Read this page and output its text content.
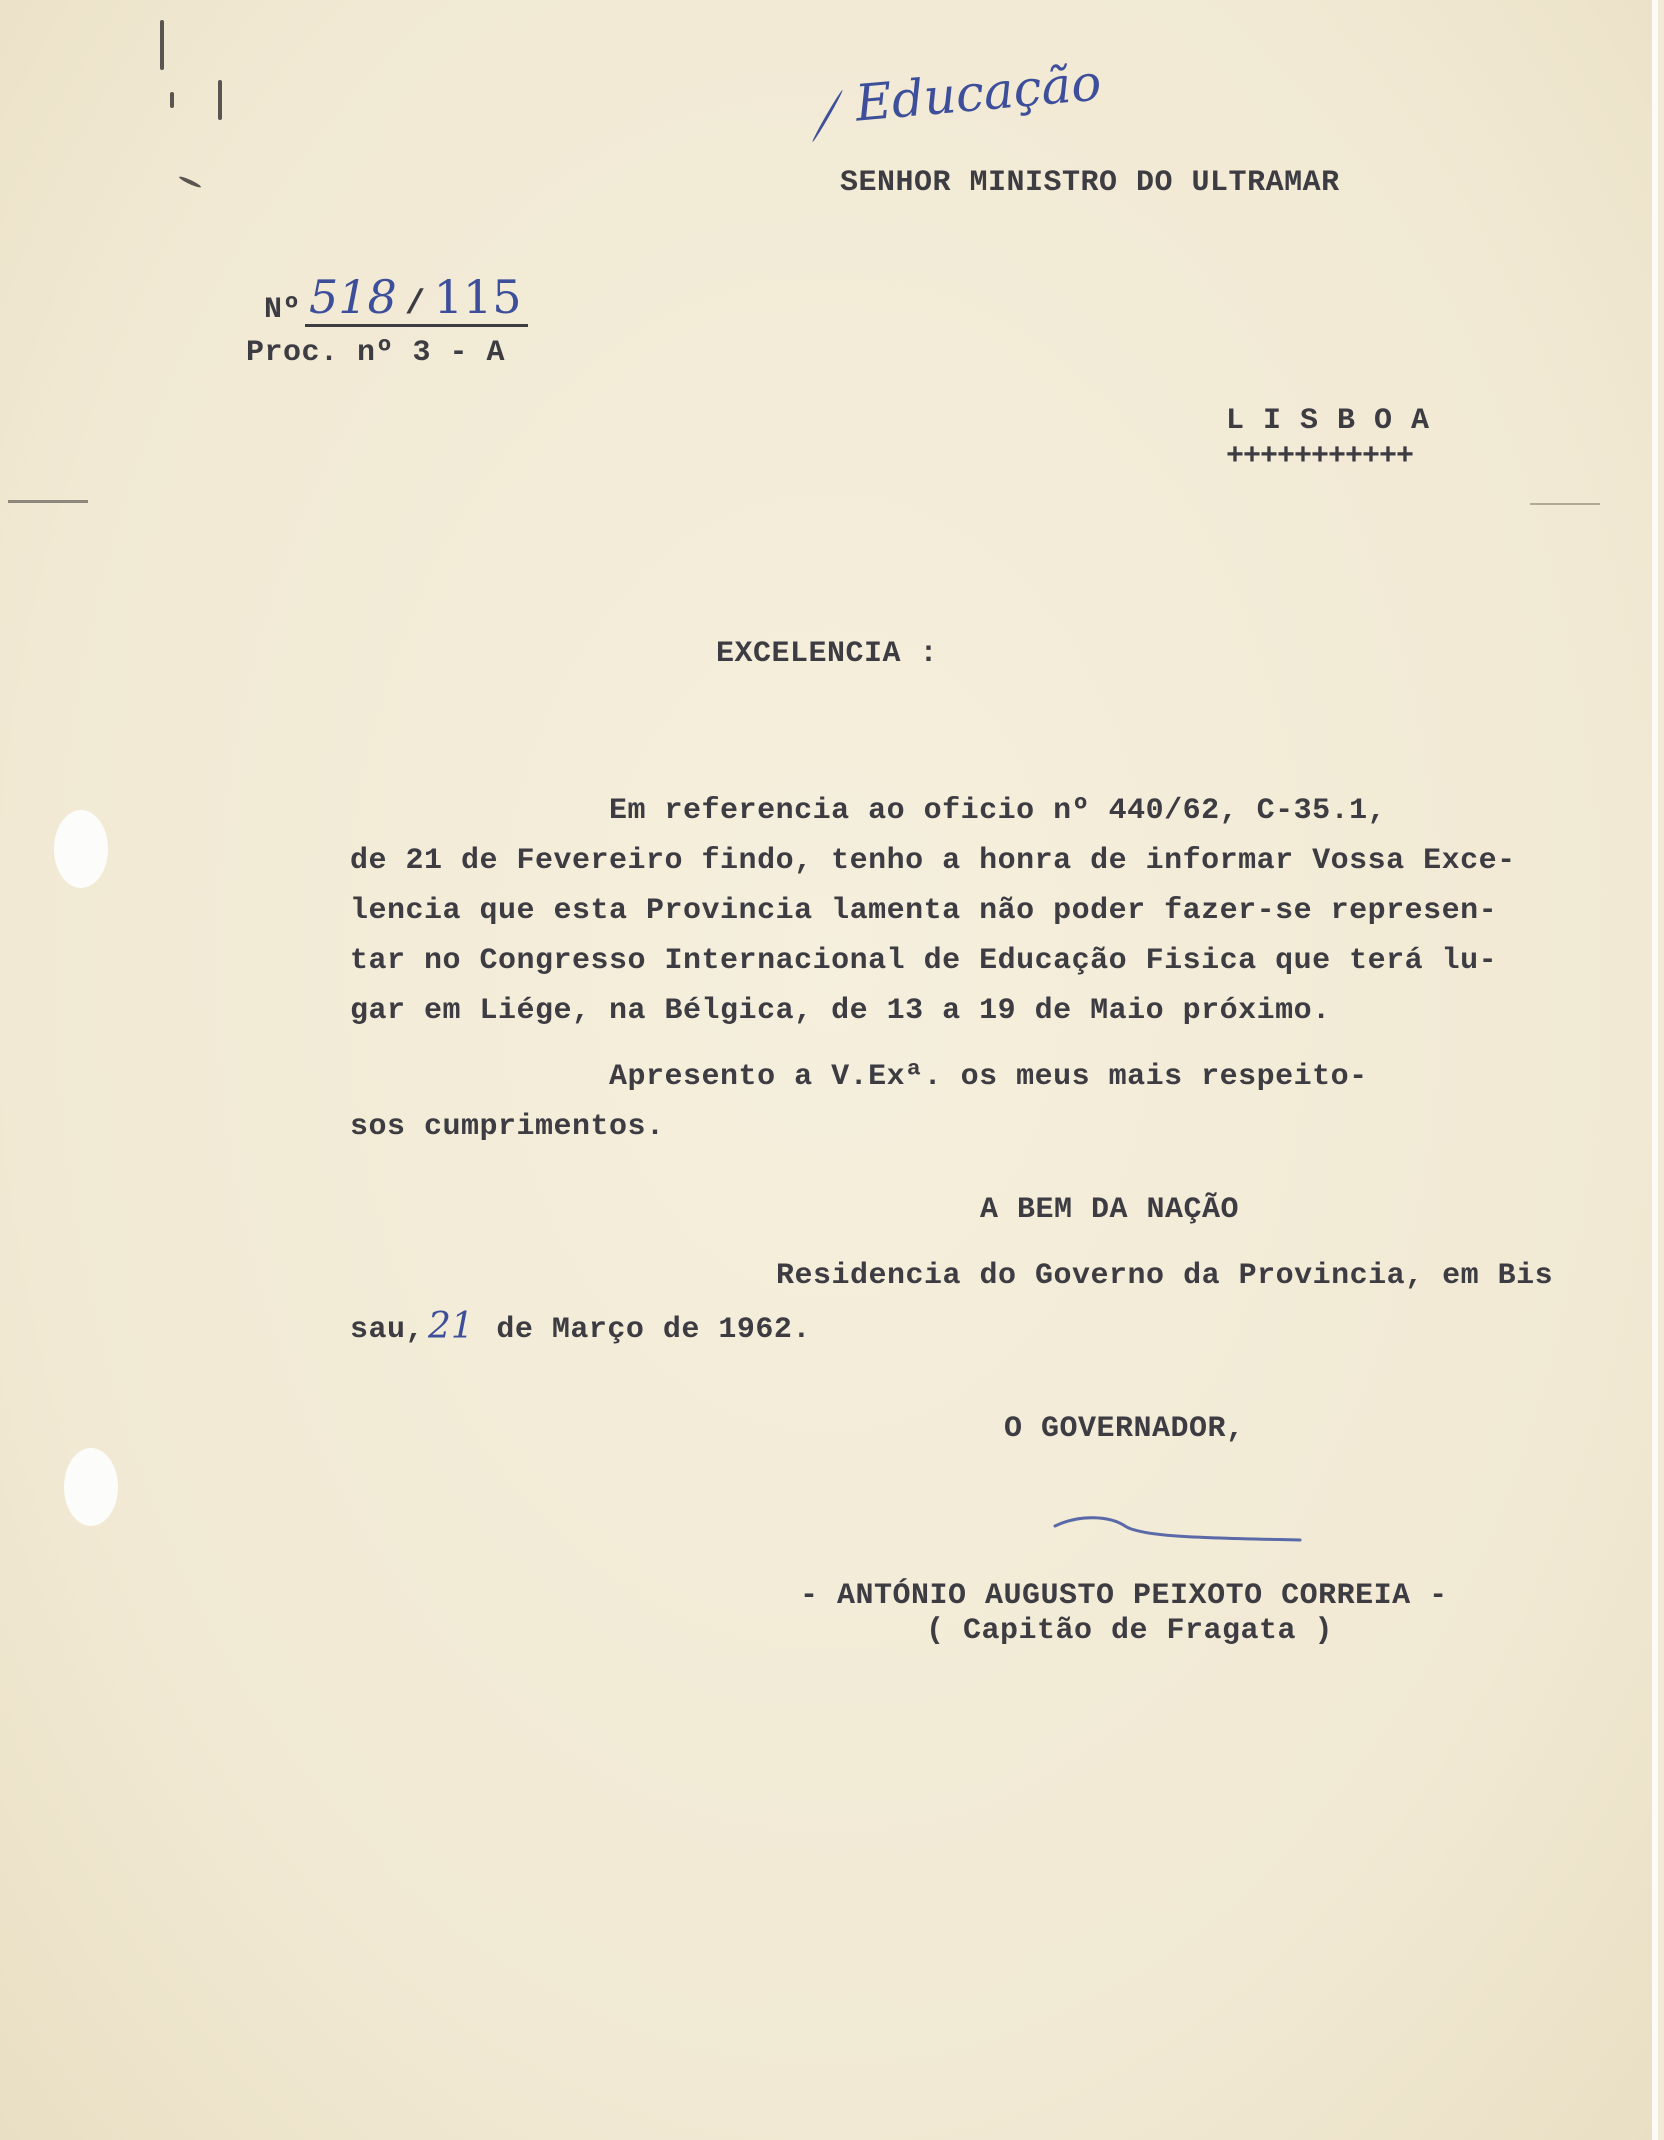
Educação
SENHOR MINISTRO DO ULTRAMAR
Nº 518 / 115
Proc. nº 3 - A
L I S B O A
+++++++++++
EXCELENCIA :
Em referencia ao oficio nº 440/62, C-35.1,
de 21 de Fevereiro findo, tenho a honra de informar Vossa Exce-
lencia que esta Provincia lamenta não poder fazer-se represen-
tar no Congresso Internacional de Educação Fisica que terá lu-
gar em Liége, na Bélgica, de 13 a 19 de Maio próximo.
Apresento a V.Exª. os meus mais respeito-
sos cumprimentos.
A BEM DA NAÇÃO
Residencia do Governo da Provincia, em Bis
sau, 21 de Março de 1962.
O GOVERNADOR,
- ANTÓNIO AUGUSTO PEIXOTO CORREIA -
( Capitão de Fragata )
